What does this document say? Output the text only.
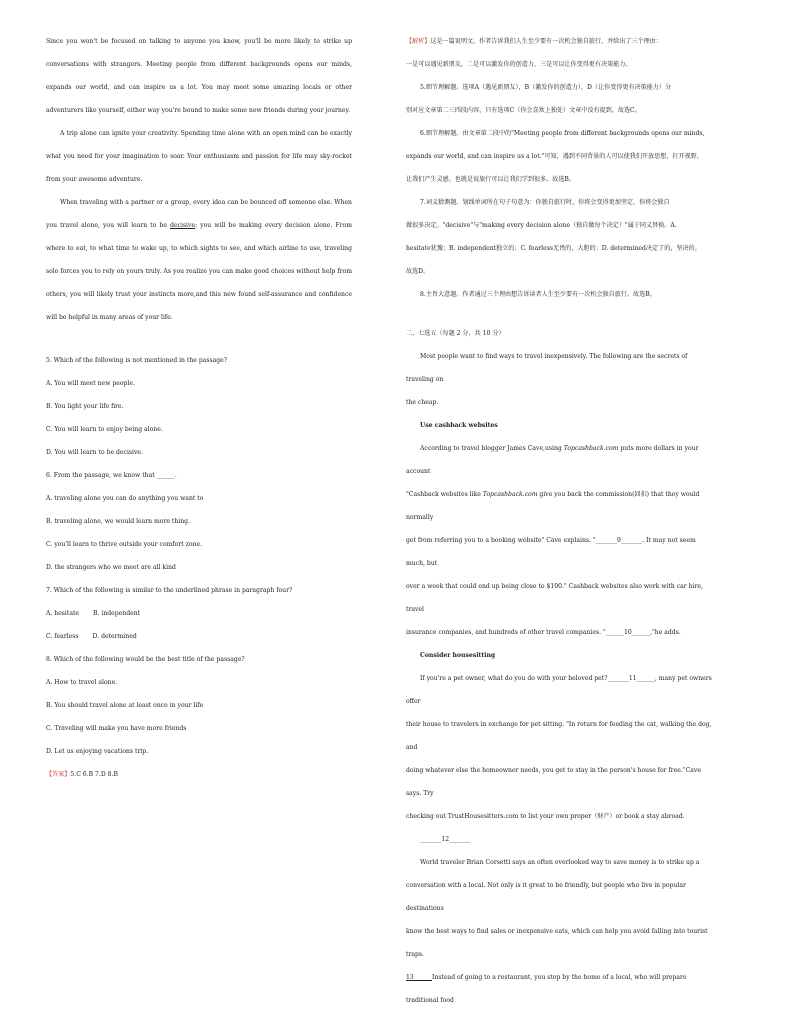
Since you won't be focused on talking to anyone you know, you'll be more likely to strike up conversations with strangers. Meeting people from different backgrounds opens our minds, expands our world, and can inspire us a lot. You may meet some amazing locals or other adventurers like yourself, either way you're bound to make some new friends during your journey.

A trip alone can ignite your creativity. Spending time alone with an open mind can be exactly what you need for your imagination to soar. Your enthusiasm and passion for life may sky-rocket from your awesome adventure.

When traveling with a partner or a group, every idea can be bounced off someone else. When you travel alone, you will learn to be decisive; you will be making every decision alone. From where to eat, to what time to wake up, to which sights to see, and which airline to use, traveling solo forces you to rely on yours truly. As you realize you can make good choices without help from others, you will likely trust your instincts more,and this new found self-assurance and confidence will be helpful in many areas of your life.

5. Which of the following is not mentioned in the passage?

A. You will meet new people.

B. You light your life fire.

C. You will learn to enjoy being alone.

D. You will learn to be decisive.

6. From the passage, we know that ______.

A. traveling alone you can do anything you want to

B. traveling alone, we would learn more thing.

C. you'll learn to thrive outside your comfort zone.

D. the strangers who we meet are all kind

7. Which of the following is similar to the underlined phrase in paragraph four?

A. hesitate B. independent

C. fearless D. determined

8. Which of the following would be the best title of the passage?

A. How to travel alone.

B. You should travel alone at least once in your life

C. Traveling will make you have more friends

D. Let us enjoying vacations trip.

【答案】5.C 6.B 7.D 8.B

【解析】这是一篇说明文，作者告诉我们人生至少要有一次机会独自旅行，并给出了三个理由：

一是可以遇见新朋友，二是可以激发你的创造力，三是可以让你变得更有决策能力。

5.细节理解题。选项A（遇见新朋友），B（激发你的创造力），D（让你变得更有决策能力）分

别对应文章第二三四段内容，只有选项C（你会喜欢上独处）文章中没有提到，故选C。

6.细节理解题。由文章第二段中的"Meeting people from different backgrounds opens our minds,

expands our world, and can inspire us a lot."可知，遇到不同背景的人可以使我们开放思想，打开视野，

让我们产生灵感。也就是说旅行可以让我们学到很多。故选B。

7.词义猜测题。划线单词所在句子句意为：你独自旅行时，你将会变得更加坚定，你将会独自

做很多决定。"decisive"与"making every decision alone（独自做每个决定）"属于同义替换。A.

hesitate犹豫；B. independent独立的；C. fearless无畏的，大胆的；D. determined决定了的，坚决的。

故选D。

8.主旨大意题。作者通过三个理由想告诉读者人生至少要有一次机会独自旅行。故选B。

二、七选五（每题 2 分，共 10 分）

Most people want to find ways to travel inexpensively. The following are the secrets of traveling on

the cheap.

Use cashback websites

According to travel blogger James Cave,using Topcashback.com puts more dollars in your account

"Cashback websites like Topcashback.com give you back the commission(回扣) that they would normally

get from referring you to a booking website" Cave explains. "_______9_______. It may not seem much, but

over a week that could end up being close to $100." Cashback websites also work with car hire, travel

insurance companies, and hundreds of other travel companies. "______10______,"he adds.

Consider housesitting

If you're a pet owner, what do you do with your beloved pet?_______11______, many pet owners offer

their house to travelers in exchange for pet sitting. "In return for feeding the cat, walking the dog, and

doing whatever else the homeowner needs, you get to stay in the person's house for free."Cave says. Try

checking out TrustHousesitters.com to list your own proper（财产）or book a stay abroad.

_______12_______

World traveler Brian Corsetti says an often overlooked way to save money is to strike up a

conversation with a local. Not only is it great to be friendly, but people who live in popular destinations

know the best ways to find sales or inexpensive eats, which can help you avoid falling into tourist traps.

13______Instead of going to a restaurant, you stop by the home of a local, who will prepare traditional food
